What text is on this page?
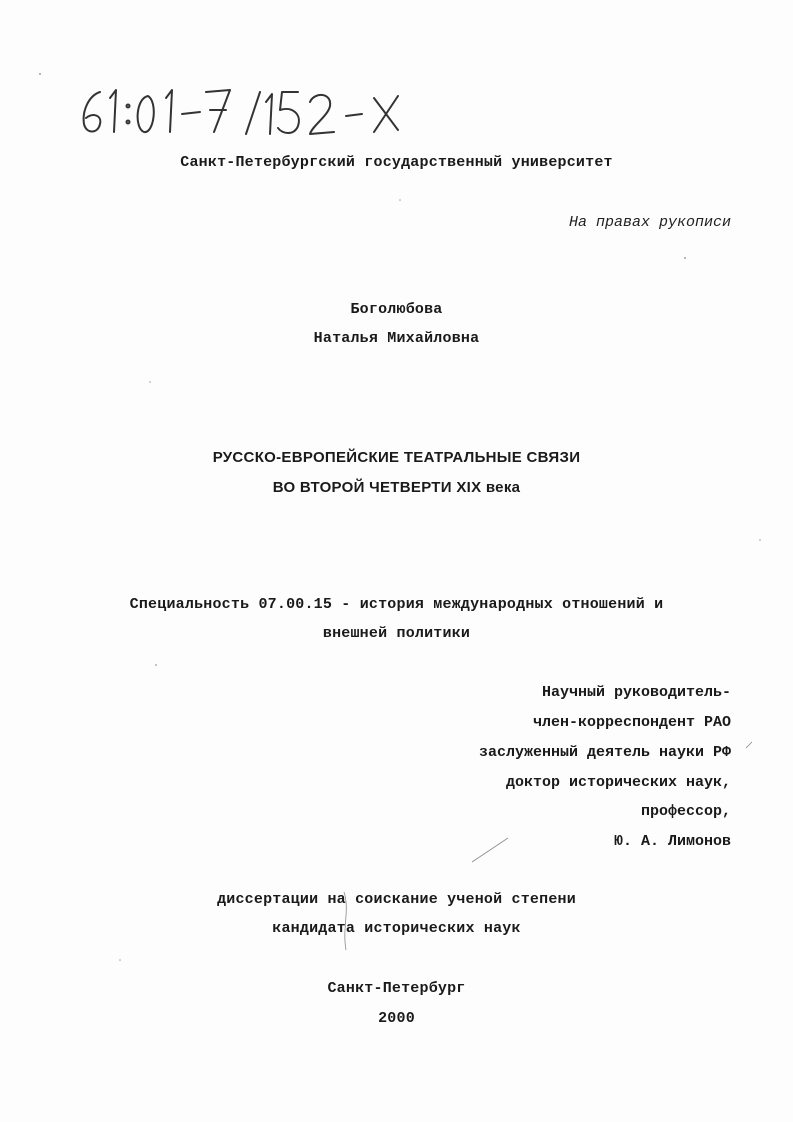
Санкт-Петербургский государственный университет
На правах рукописи
Боголюбова
Наталья Михайловна
РУССКО-ЕВРОПЕЙСКИЕ ТЕАТРАЛЬНЫЕ СВЯЗИ
ВО ВТОРОЙ ЧЕТВЕРТИ XIX века
Специальность 07.00.15 - история международных отношений и
внешней политики
Научный руководитель-
член-корреспондент РАО
заслуженный деятель науки РФ
доктор исторических наук,
профессор,
Ю. А. Лимонов
диссертации на соискание ученой степени
кандидата исторических наук
Санкт-Петербург
2000
